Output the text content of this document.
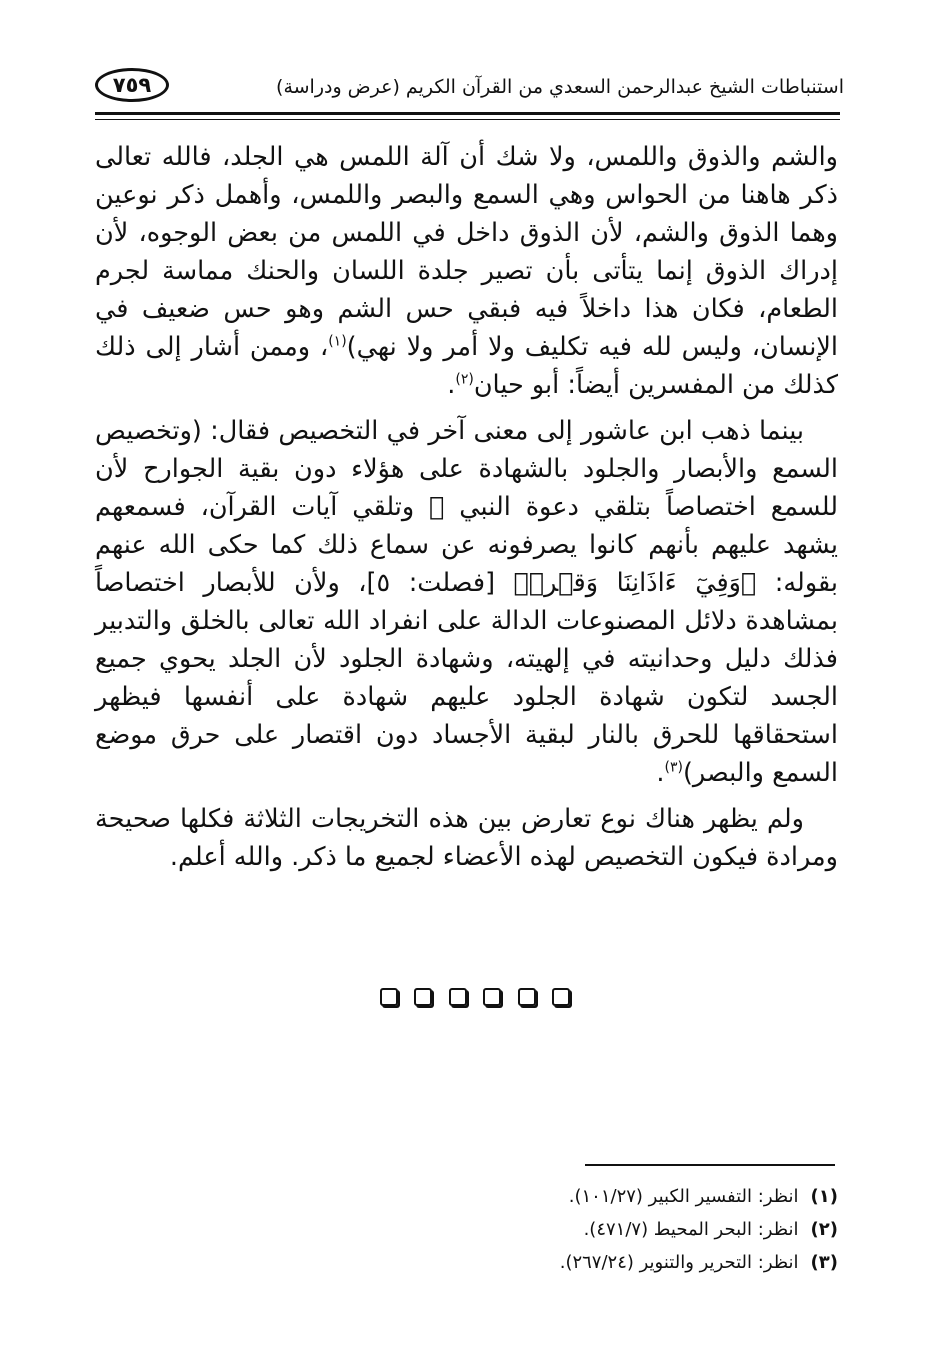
استنباطات الشيخ عبدالرحمن السعدي من القرآن الكريم (عرض ودراسة)
٧٥٩

والشم والذوق واللمس، ولا شك أن آلة اللمس هي الجلد، فالله تعالى ذكر هاهنا من الحواس وهي السمع والبصر واللمس، وأهمل ذكر نوعين وهما الذوق والشم، لأن الذوق داخل في اللمس من بعض الوجوه، لأن إدراك الذوق إنما يتأتى بأن تصير جلدة اللسان والحنك مماسة لجرم الطعام، فكان هذا داخلاً فيه فبقي حس الشم وهو حس ضعيف في الإنسان، وليس لله فيه تكليف ولا أمر ولا نهي)$^{(١)}$، وممن أشار إلى ذلك كذلك من المفسرين أيضاً: أبو حيان$^{(٢)}$.

بينما ذهب ابن عاشور إلى معنى آخر في التخصيص فقال: (وتخصيص السمع والأبصار والجلود بالشهادة على هؤلاء دون بقية الجوارح لأن للسمع اختصاصاً بتلقي دعوة النبي ﷺ وتلقي آيات القرآن، فسمعهم يشهد عليهم بأنهم كانوا يصرفونه عن سماع ذلك كما حكى الله عنهم بقوله: ﴿وَفِيٓ ءَاذَانِنَا وَقۡرٞ﴾ [فصلت: ٥]، ولأن للأبصار اختصاصاً بمشاهدة دلائل المصنوعات الدالة على انفراد الله تعالى بالخلق والتدبير فذلك دليل وحدانيته في إلهيته، وشهادة الجلود لأن الجلد يحوي جميع الجسد لتكون شهادة الجلود عليهم شهادة على أنفسها فيظهر استحقاقها للحرق بالنار لبقية الأجساد دون اقتصار على حرق موضع السمع والبصر)$^{(٣)}$.

ولم يظهر هناك نوع تعارض بين هذه التخريجات الثلاثة فكلها صحيحة ومرادة فيكون التخصيص لهذه الأعضاء لجميع ما ذكر. والله أعلم.

(١)انظر: التفسير الكبير (١٠١/٢٧).
(٢)انظر: البحر المحيط (٤٧١/٧).
(٣)انظر: التحرير والتنوير (٢٦٧/٢٤).
